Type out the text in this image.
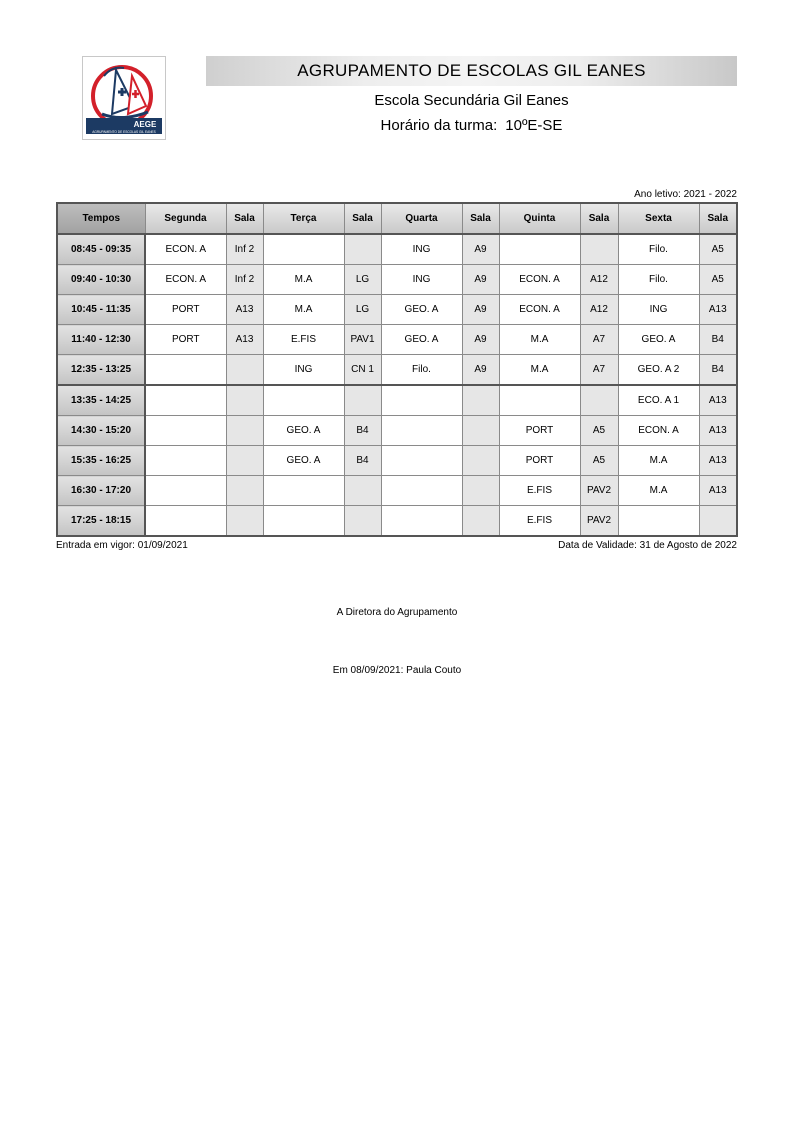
AEGE
AGRUPAMENTO DE ESCOLAS GIL EANES
AGRUPAMENTO DE ESCOLAS GIL EANES
Escola Secundária Gil Eanes
Horário da turma: 10ºE-SE
Ano letivo: 2021 - 2022
Tempos	Segunda	Sala	Terça	Sala	Quarta	Sala	Quinta	Sala	Sexta	Sala
08:45 - 09:35	ECON. A	Inf 2			ING	A9			Filo.	A5
09:40 - 10:30	ECON. A	Inf 2	M.A	LG	ING	A9	ECON. A	A12	Filo.	A5
10:45 - 11:35	PORT	A13	M.A	LG	GEO. A	A9	ECON. A	A12	ING	A13
11:40 - 12:30	PORT	A13	E.FIS	PAV1	GEO. A	A9	M.A	A7	GEO. A	B4
12:35 - 13:25			ING	CN 1	Filo.	A9	M.A	A7	GEO. A 2	B4
13:35 - 14:25									ECO. A 1	A13
14:30 - 15:20			GEO. A	B4			PORT	A5	ECON. A	A13
15:35 - 16:25			GEO. A	B4			PORT	A5	M.A	A13
16:30 - 17:20							E.FIS	PAV2	M.A	A13
17:25 - 18:15							E.FIS	PAV2		
Entrada em vigor: 01/09/2021	Data de Validade: 31 de Agosto de 2022
A Diretora do Agrupamento
Em 08/09/2021: Paula Couto
